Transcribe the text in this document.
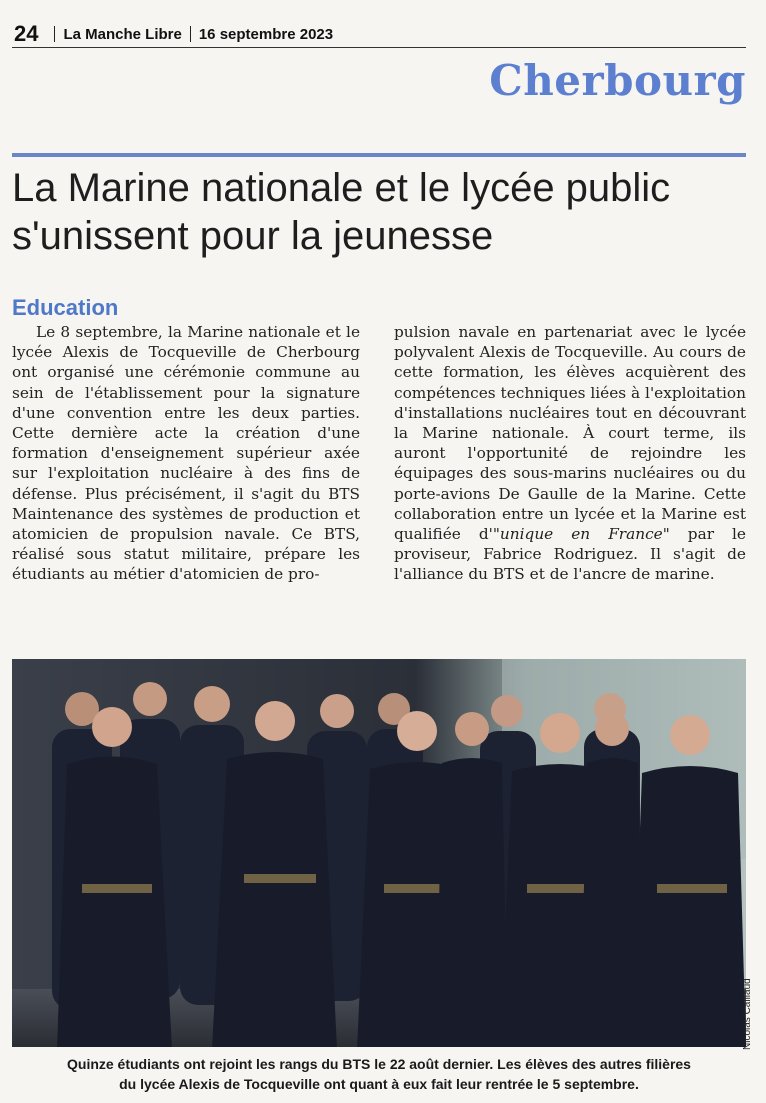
24 La Manche Libre 16 septembre 2023
Cherbourg
La Marine nationale et le lycée public s'unissent pour la jeunesse
Education

Le 8 septembre, la Marine nationale et le lycée Alexis de Tocqueville de Cherbourg ont organisé une cérémonie commune au sein de l'établissement pour la signature d'une convention entre les deux parties. Cette dernière acte la création d'une formation d'enseignement supérieur axée sur l'exploitation nucléaire à des fins de défense. Plus précisément, il s'agit du BTS Maintenance des systèmes de production et atomicien de propulsion navale. Ce BTS, réalisé sous statut militaire, prépare les étudiants au métier d'atomicien de pro-

pulsion navale en partenariat avec le lycée polyvalent Alexis de Tocqueville. Au cours de cette formation, les élèves acquièrent des compétences techniques liées à l'exploitation d'installations nucléaires tout en découvrant la Marine nationale. À court terme, ils auront l'opportunité de rejoindre les équipages des sous-marins nucléaires ou du porte-avions De Gaulle de la Marine. Cette collaboration entre un lycée et la Marine est qualifiée d'"unique en France" par le proviseur, Fabrice Rodriguez. Il s'agit de l'alliance du BTS et de l'ancre de marine.

Nicolas Caillaud
Quinze étudiants ont rejoint les rangs du BTS le 22 août dernier. Les élèves des autres filières
du lycée Alexis de Tocqueville ont quant à eux fait leur rentrée le 5 septembre.
